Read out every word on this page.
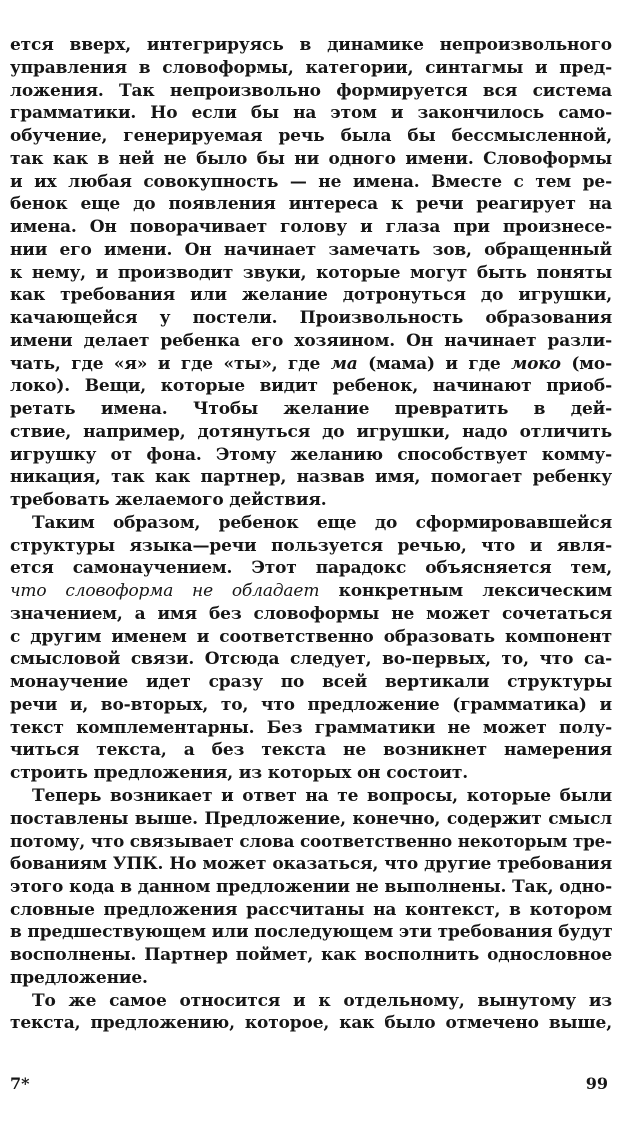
ется вверх, интегрируясь в динамике непроизвольного
управления в словоформы, категории, синтагмы и пред-
ложения. Так непроизвольно формируется вся система
грамматики. Но если бы на этом и закончилось само-
обучение, генерируемая речь была бы бессмысленной,
так как в ней не было бы ни одного имени. Словоформы
и их любая совокупность — не имена. Вместе с тем ре-
бенок еще до появления интереса к речи реагирует на
имена. Он поворачивает голову и глаза при произнесе-
нии его имени. Он начинает замечать зов, обращенный
к нему, и производит звуки, которые могут быть поняты
как требования или желание дотронуться до игрушки,
качающейся у постели. Произвольность образования
имени делает ребенка его хозяином. Он начинает разли-
чать, где «я» и где «ты», где ма (мама) и где моко (мо-
локо). Вещи, которые видит ребенок, начинают приоб-
ретать имена. Чтобы желание превратить в дей-
ствие, например, дотянуться до игрушки, надо отличить
игрушку от фона. Этому желанию способствует комму-
никация, так как партнер, назвав имя, помогает ребенку
требовать желаемого действия.

Таким образом, ребенок еще до сформировавшейся
структуры языка—речи пользуется речью, что и явля-
ется самонаучением. Этот парадокс объясняется тем,
что словоформа не обладает конкретным лексическим
значением, а имя без словоформы не может сочетаться
с другим именем и соответственно образовать компонент
смысловой связи. Отсюда следует, во-первых, то, что са-
монаучение идет сразу по всей вертикали структуры
речи и, во-вторых, то, что предложение (грамматика) и
текст комплементарны. Без грамматики не может полу-
читься текста, а без текста не возникнет намерения
строить предложения, из которых он состоит.

Теперь возникает и ответ на те вопросы, которые были
поставлены выше. Предложение, конечно, содержит смысл
потому, что связывает слова соответственно некоторым тре-
бованиям УПК. Но может оказаться, что другие требования
этого кода в данном предложении не выполнены. Так, одно-
словные предложения рассчитаны на контекст, в котором
в предшествующем или последующем эти требования будут
восполнены. Партнер поймет, как восполнить однословное
предложение.

То же самое относится и к отдельному, вынутому из
текста, предложению, которое, как было отмечено выше,

7*	99
